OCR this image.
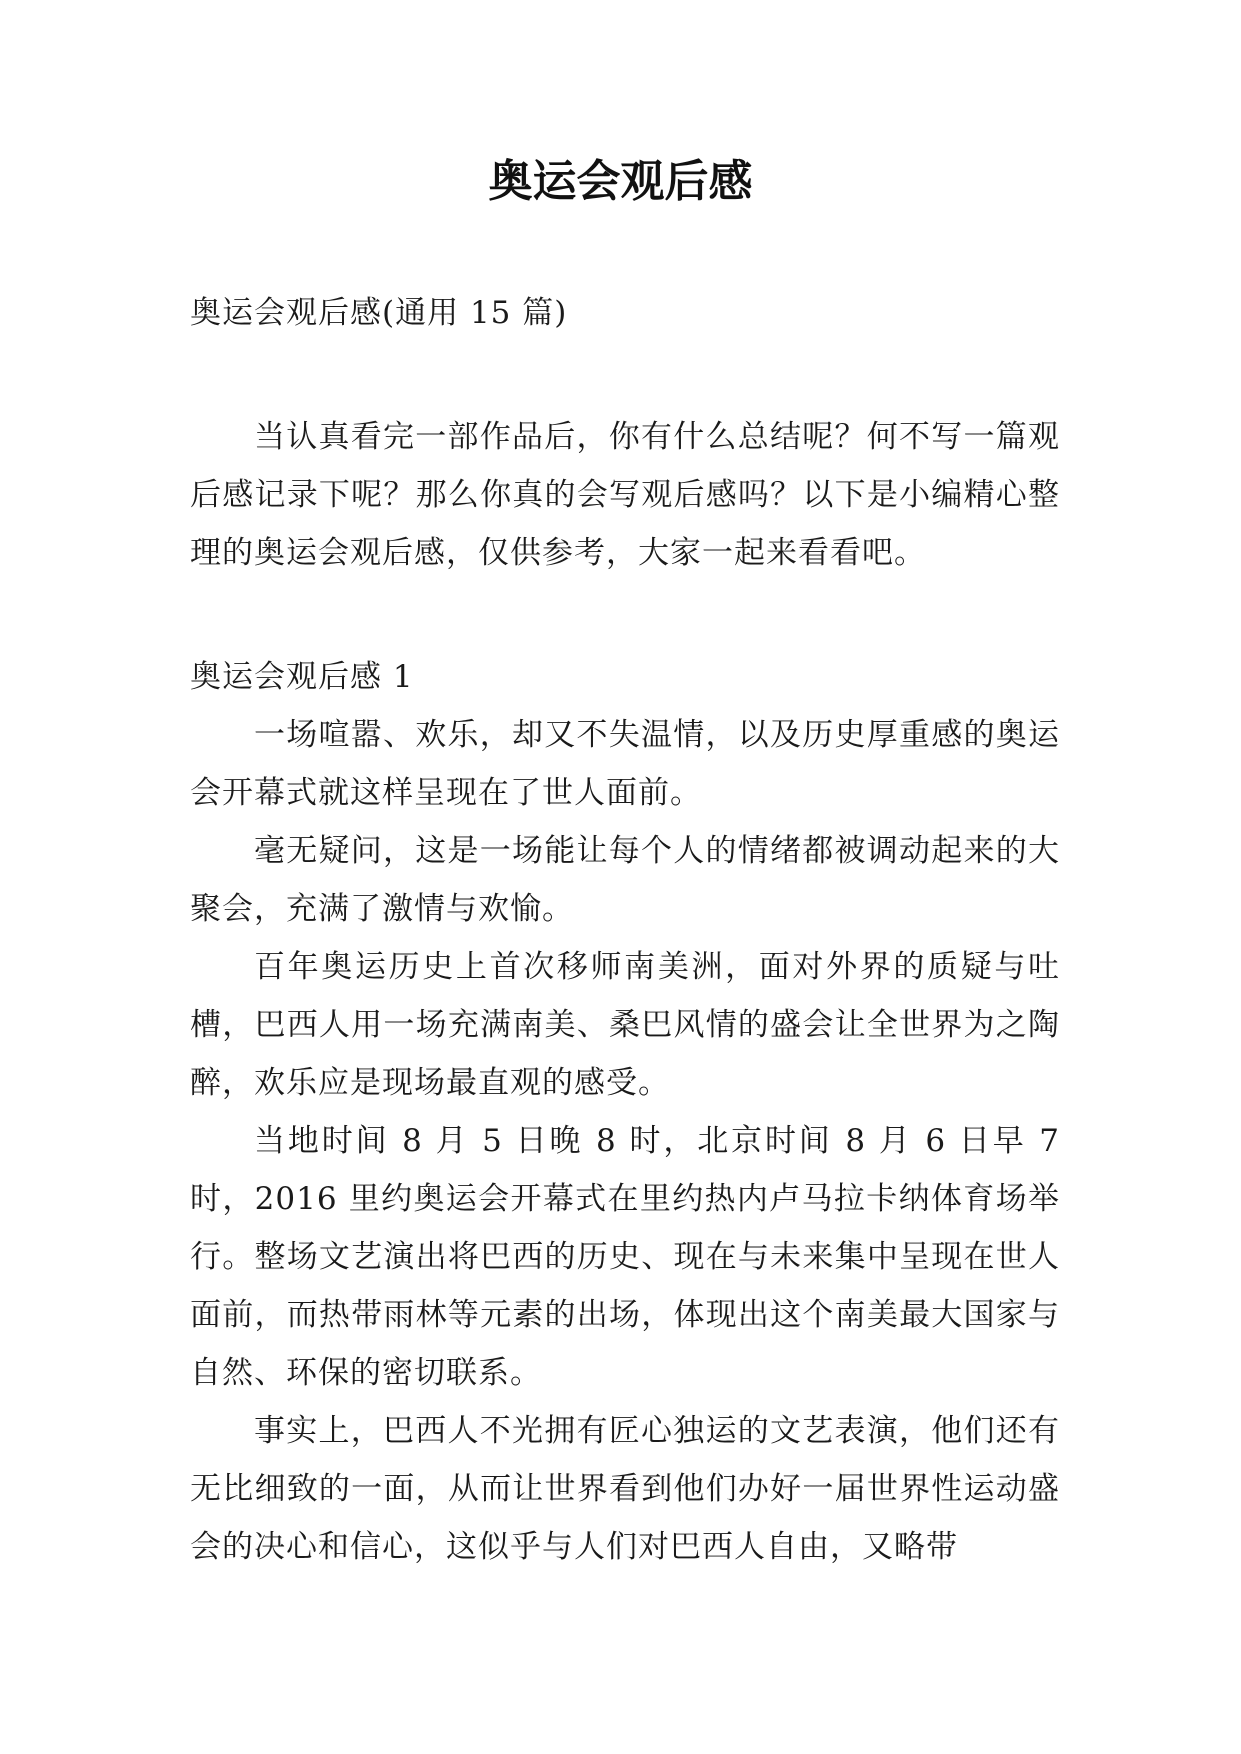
奥运会观后感

奥运会观后感(通用 15 篇)

当认真看完一部作品后，你有什么总结呢？何不写一篇观后感记录下呢？那么你真的会写观后感吗？以下是小编精心整理的奥运会观后感，仅供参考，大家一起来看看吧。

奥运会观后感 1

一场喧嚣、欢乐，却又不失温情，以及历史厚重感的奥运会开幕式就这样呈现在了世人面前。

毫无疑问，这是一场能让每个人的情绪都被调动起来的大聚会，充满了激情与欢愉。

百年奥运历史上首次移师南美洲，面对外界的质疑与吐槽，巴西人用一场充满南美、桑巴风情的盛会让全世界为之陶醉，欢乐应是现场最直观的感受。

当地时间 8 月 5 日晚 8 时，北京时间 8 月 6 日早 7 时，2016 里约奥运会开幕式在里约热内卢马拉卡纳体育场举行。整场文艺演出将巴西的历史、现在与未来集中呈现在世人面前，而热带雨林等元素的出场，体现出这个南美最大国家与自然、环保的密切联系。

事实上，巴西人不光拥有匠心独运的文艺表演，他们还有无比细致的一面，从而让世界看到他们办好一届世界性运动盛会的决心和信心，这似乎与人们对巴西人自由，又略带
